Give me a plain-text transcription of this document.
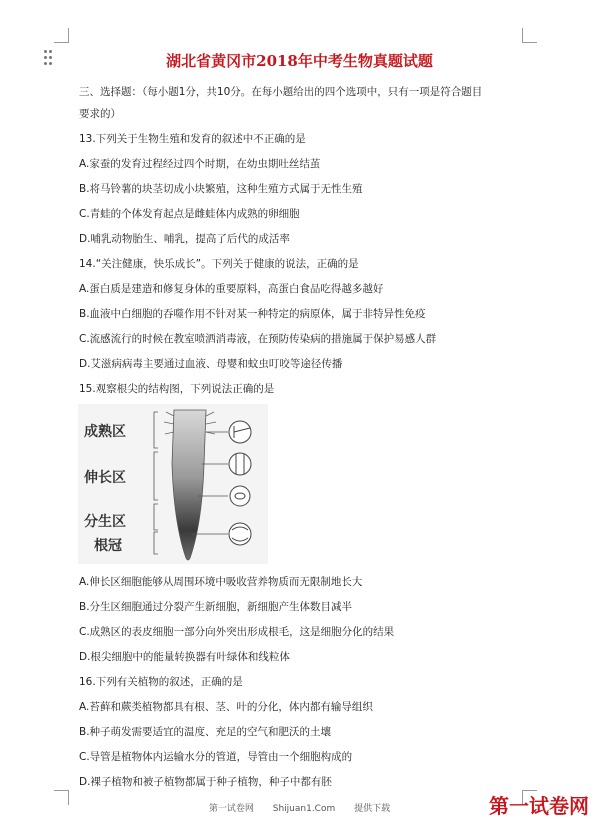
湖北省黄冈市2018年中考生物真题试题
三、选择题：（每小题1分，共10分。在每小题给出的四个选项中，只有一项是符合题目
要求的）
13.下列关于生物生殖和发育的叙述中不正确的是
A.家蚕的发育过程经过四个时期，在幼虫期吐丝结茧
B.将马铃薯的块茎切成小块繁殖，这种生殖方式属于无性生殖
C.青蛙的个体发育起点是雌蛙体内成熟的卵细胞
D.哺乳动物胎生、哺乳，提高了后代的成活率
14.“关注健康，快乐成长”。下列关于健康的说法，正确的是
A.蛋白质是建造和修复身体的重要原料，高蛋白食品吃得越多越好
B.血液中白细胞的吞噬作用不针对某一种特定的病原体，属于非特异性免疫
C.流感流行的时候在教室喷洒消毒液，在预防传染病的措施属于保护易感人群
D.艾滋病病毒主要通过血液、母婴和蚊虫叮咬等途径传播
15.观察根尖的结构图，下列说法正确的是
成熟区
伸长区
分生区
根冠
A.伸长区细胞能够从周围环境中吸收营养物质而无限制地长大
B.分生区细胞通过分裂产生新细胞，新细胞产生体数目减半
C.成熟区的表皮细胞一部分向外突出形成根毛，这是细胞分化的结果
D.根尖细胞中的能量转换器有叶绿体和线粒体
16.下列有关植物的叙述，正确的是
A.苔藓和蕨类植物都具有根、茎、叶的分化，体内都有输导组织
B.种子萌发需要适宜的温度、充足的空气和肥沃的土壤
C.导管是植物体内运输水分的管道，导管由一个细胞构成的
D.裸子植物和被子植物都属于种子植物，种子中都有胚
第一试卷网 Shijuan1.Com 提供下载	第一试卷网
